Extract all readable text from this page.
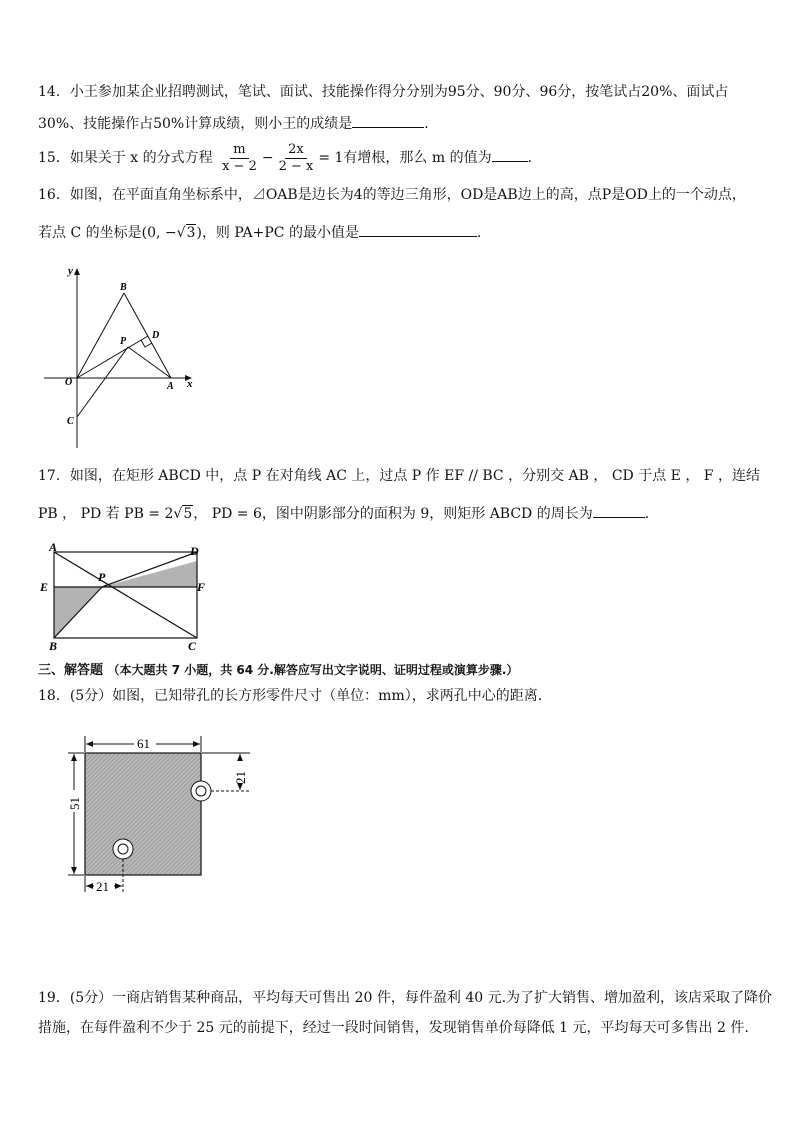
14．小王参加某企业招聘测试，笔试、面试、技能操作得分分别为95分、90分、96分，按笔试占20%、面试占
30%、技能操作占50%计算成绩，则小王的成绩是	．
15．如果关于 x 的分式方程 $\frac{m}{x - 2} - \frac{2x}{2 - x} = 1$有增根，那么 m 的值为	．
16．如图，在平面直角坐标系中，⊿OAB是边长为4的等边三角形，OD是AB边上的高，点P是OD上的一个动点，
若点 C 的坐标是(0, −√3)，则 PA+PC 的最小值是	.
y
x
B
D
P
O	A
C
17．如图，在矩形 ABCD 中，点 P 在对角线 AC 上，过点 P 作 EF // BC ，分别交 AB ， CD 于点 E ， F ，连结
PB ， PD 若 PB = 2√5， PD = 6，图中阴影部分的面积为 9，则矩形 ABCD 的周长为	.
A	D
E
P
F
B	C
三、解答题 （本大题共 7 小题，共 64 分.解答应写出文字说明、证明过程或演算步骤.）
18．(5分）如图，已知带孔的长方形零件尺寸（单位：mm），求两孔中心的距离．
61
51
21
21
19．(5分）一商店销售某种商品，平均每天可售出 20 件，每件盈利 40 元.为了扩大销售、增加盈利，该店采取了降价
措施，在每件盈利不少于 25 元的前提下，经过一段时间销售，发现销售单价每降低 1 元，平均每天可多售出 2 件.
